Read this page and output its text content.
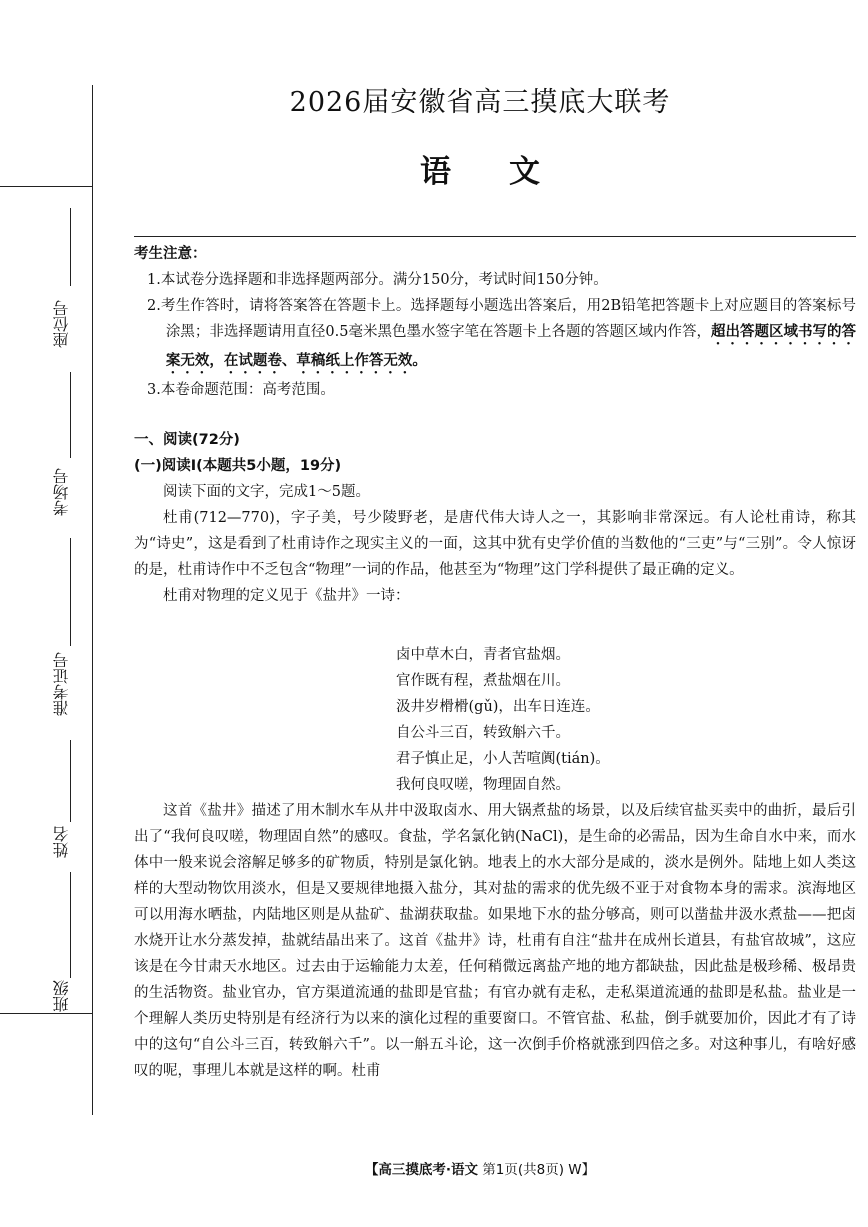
座位号
考场号
准考证号
姓名
班级
2026届安徽省高三摸底大联考
语文
考生注意：

1.本试卷分选择题和非选择题两部分。满分150分，考试时间150分钟。

2.考生作答时，请将答案答在答题卡上。选择题每小题选出答案后，用2B铅笔把答题卡上对应题目的答案标号涂黑；非选择题请用直径0.5毫米黑色墨水签字笔在答题卡上各题的答题区域内作答，超出答题区域书写的答案无效，在试题卷、草稿纸上作答无效。

3.本卷命题范围：高考范围。

一、阅读(72分)
(一)阅读Ⅰ(本题共5小题，19分)

阅读下面的文字，完成1～5题。

杜甫(712—770)，字子美，号少陵野老，是唐代伟大诗人之一，其影响非常深远。有人论杜甫诗，称其为“诗史”，这是看到了杜甫诗作之现实主义的一面，这其中犹有史学价值的当数他的“三吏”与“三别”。令人惊讶的是，杜甫诗作中不乏包含“物理”一词的作品，他甚至为“物理”这门学科提供了最正确的定义。

杜甫对物理的定义见于《盐井》一诗：

卤中草木白，青者官盐烟。
官作既有程，煮盐烟在川。
汲井岁榾榾(gǔ)，出车日连连。
自公斗三百，转致斛六千。
君子慎止足，小人苦喧阗(tián)。
我何良叹嗟，物理固自然。

这首《盐井》描述了用木制水车从井中汲取卤水、用大锅煮盐的场景，以及后续官盐买卖中的曲折，最后引出了“我何良叹嗟，物理固自然”的感叹。食盐，学名氯化钠(NaCl)，是生命的必需品，因为生命自水中来，而水体中一般来说会溶解足够多的矿物质，特别是氯化钠。地表上的水大部分是咸的，淡水是例外。陆地上如人类这样的大型动物饮用淡水，但是又要规律地摄入盐分，其对盐的需求的优先级不亚于对食物本身的需求。滨海地区可以用海水晒盐，内陆地区则是从盐矿、盐湖获取盐。如果地下水的盐分够高，则可以凿盐井汲水煮盐——把卤水烧开让水分蒸发掉，盐就结晶出来了。这首《盐井》诗，杜甫有自注“盐井在成州长道县，有盐官故城”，这应该是在今甘肃天水地区。过去由于运输能力太差，任何稍微远离盐产地的地方都缺盐，因此盐是极珍稀、极昂贵的生活物资。盐业官办，官方渠道流通的盐即是官盐；有官办就有走私，走私渠道流通的盐即是私盐。盐业是一个理解人类历史特别是有经济行为以来的演化过程的重要窗口。不管官盐、私盐，倒手就要加价，因此才有了诗中的这句“自公斗三百，转致斛六千”。以一斛五斗论，这一次倒手价格就涨到四倍之多。对这种事儿，有啥好感叹的呢，事理儿本就是这样的啊。杜甫

【高三摸底考·语文 第1页(共8页) W】
